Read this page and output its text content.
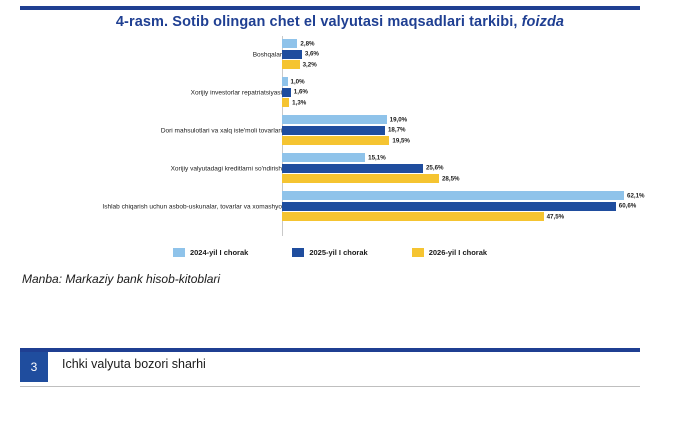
4-rasm. Sotib olingan chet el valyutasi maqsadlari tarkibi, foizda
Boshqalar
2,8%
3,6%
3,2%
Xorijiy investorlar repatriatsiyasi
1,0%
1,6%
1,3%
Dori mahsulotlari va xalq iste'moli tovarlari
19,0%
18,7%
19,5%
Xorijiy valyutadagi kreditlarni so'ndirish
15,1%
25,6%
28,5%
Ishlab chiqarish uchun asbob-uskunalar, tovarlar va xomashyo
62,1%
60,6%
47,5%
2024-yil I chorak	2025-yil I chorak	2026-yil I chorak
Manba: Markaziy bank hisob-kitoblari
3	Ichki valyuta bozori sharhi
